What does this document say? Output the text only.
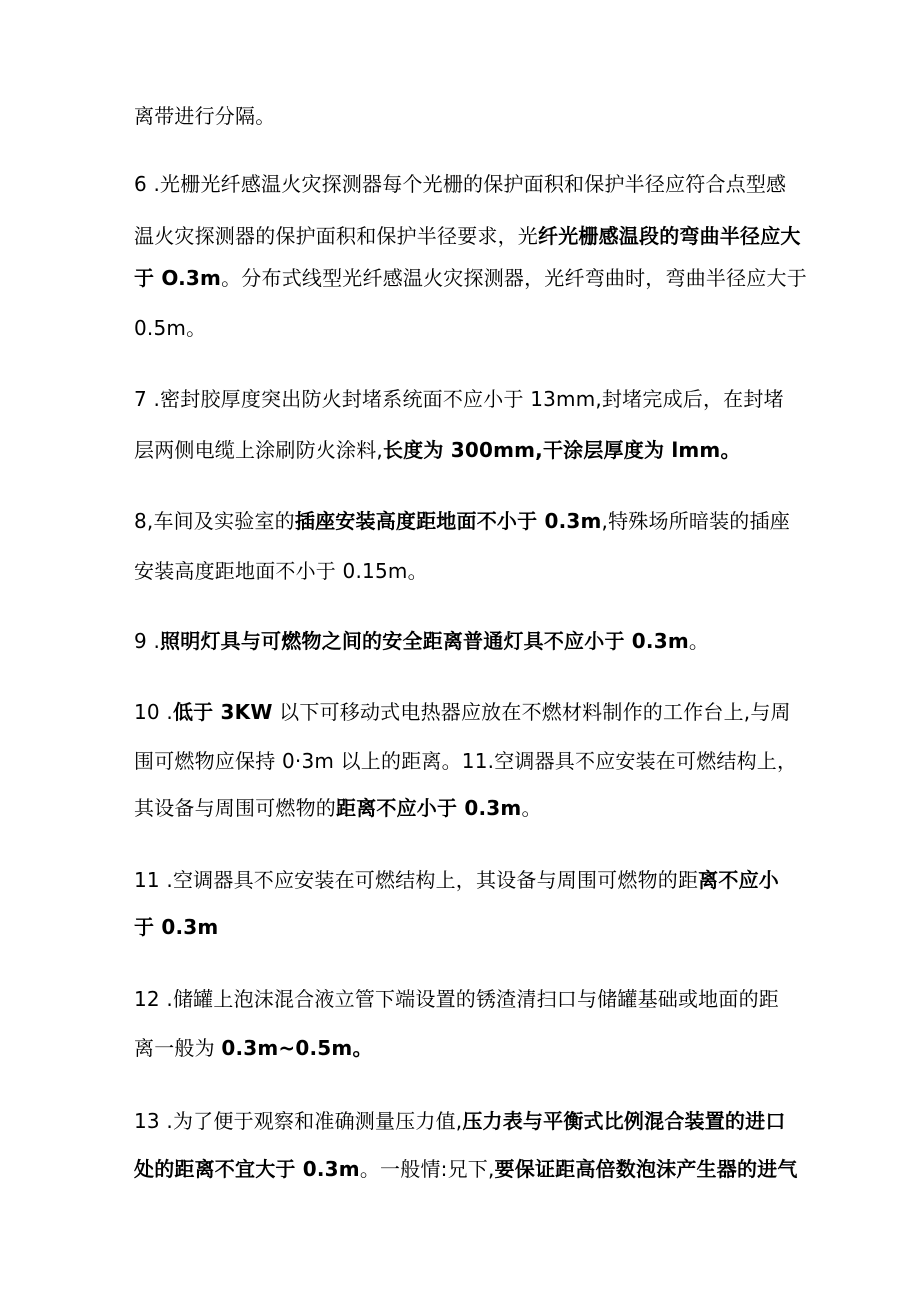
离带进行分隔。
6 .光栅光纤感温火灾探测器每个光栅的保护面积和保护半径应符合点型感
温火灾探测器的保护面积和保护半径要求，光纤光栅感温段的弯曲半径应大
于 O.3m。分布式线型光纤感温火灾探测器，光纤弯曲时，弯曲半径应大于
0.5m。
7 .密封胶厚度突出防火封堵系统面不应小于 13mm,封堵完成后，在封堵
层两侧电缆上涂刷防火涂料,长度为 300mm,干涂层厚度为 lmm。
8,车间及实验室的插座安装高度距地面不小于 0.3m,特殊场所暗装的插座
安装高度距地面不小于 0.15m。
9 .照明灯具与可燃物之间的安全距离普通灯具不应小于 0.3m。
10 .低于 3KW 以下可移动式电热器应放在不燃材料制作的工作台上,与周
围可燃物应保持 0·3m 以上的距离。11.空调器具不应安装在可燃结构上，
其设备与周围可燃物的距离不应小于 0.3m。
11 .空调器具不应安装在可燃结构上，其设备与周围可燃物的距离不应小
于 0.3m
12 .储罐上泡沫混合液立管下端设置的锈渣清扫口与储罐基础或地面的距
离一般为 0.3m~0.5m。
13 .为了便于观察和准确测量压力值,压力表与平衡式比例混合装置的进口
处的距离不宜大于 0.3m。一般情:兄下,要保证距高倍数泡沫产生器的进气
